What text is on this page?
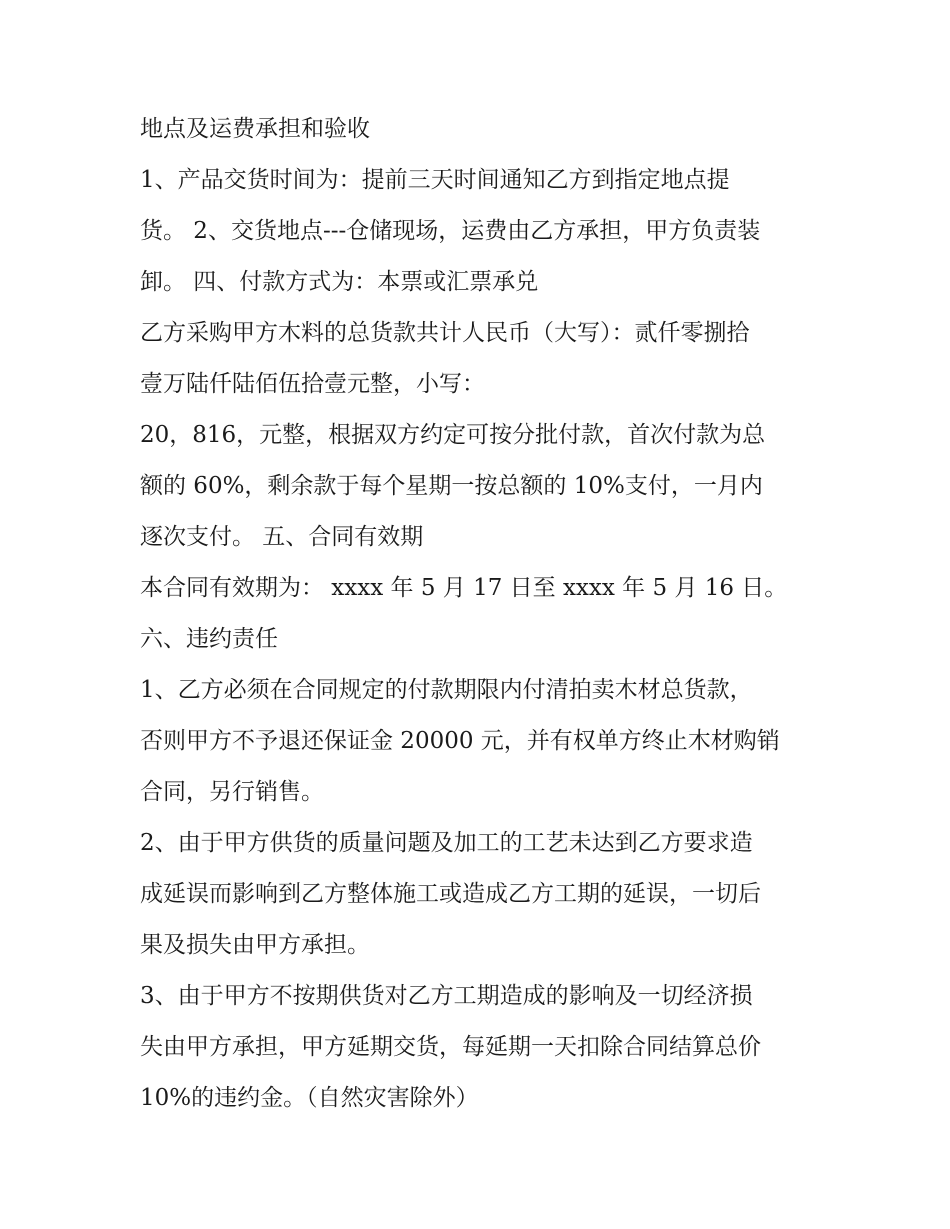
地点及运费承担和验收
1、产品交货时间为：提前三天时间通知乙方到指定地点提
货。 2、交货地点---仓储现场，运费由乙方承担，甲方负责装
卸。 四、付款方式为：本票或汇票承兑
乙方采购甲方木料的总货款共计人民币（大写）：贰仟零捌拾
壹万陆仟陆佰伍拾壹元整，小写：
20，816，元整，根据双方约定可按分批付款，首次付款为总
额的 60%，剩余款于每个星期一按总额的 10%支付，一月内
逐次支付。 五、合同有效期
本合同有效期为： xxxx 年 5 月 17 日至 xxxx 年 5 月 16 日。
六、违约责任
1、乙方必须在合同规定的付款期限内付清拍卖木材总货款，
否则甲方不予退还保证金 20000 元，并有权单方终止木材购销
合同，另行销售。
2、由于甲方供货的质量问题及加工的工艺未达到乙方要求造
成延误而影响到乙方整体施工或造成乙方工期的延误，一切后
果及损失由甲方承担。
3、由于甲方不按期供货对乙方工期造成的影响及一切经济损
失由甲方承担，甲方延期交货，每延期一天扣除合同结算总价
10%的违约金。（自然灾害除外）
